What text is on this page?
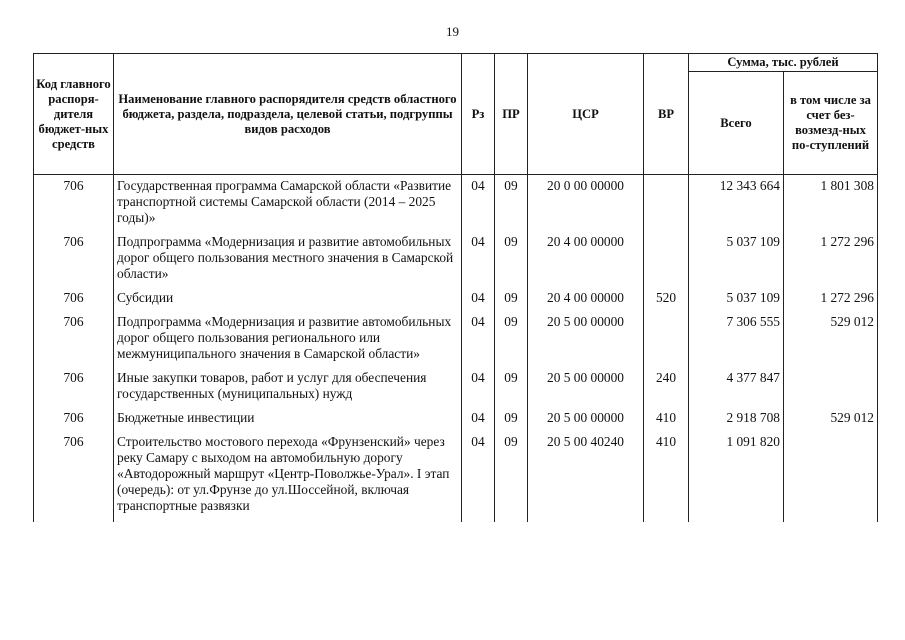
19
Код главного распоря-дителя бюджет-ных средств	Наименование главного распорядителя средств областного бюджета, раздела, подраздела, целевой статьи, подгруппы видов расходов	Рз	ПР	ЦСР	ВР	Сумма, тыс. рублей	
						Всего	в том числе за счет без-возмезд-ных по-ступлений
706	Государственная программа Самарской области «Развитие транспортной системы Самарской области (2014 – 2025 годы)»	04	09	20 0 00 00000		12 343 664	1 801 308
706	Подпрограмма «Модернизация и развитие автомобильных дорог общего пользования местного значения в Самарской области»	04	09	20 4 00 00000		5 037 109	1 272 296
706	Субсидии	04	09	20 4 00 00000	520	5 037 109	1 272 296
706	Подпрограмма «Модернизация и развитие автомобильных дорог общего пользования регионального или межмуниципального значения в Самарской области»	04	09	20 5 00 00000		7 306 555	529 012
706	Иные закупки товаров, работ и услуг для обеспечения государственных (муниципальных) нужд	04	09	20 5 00 00000	240	4 377 847	
706	Бюджетные инвестиции	04	09	20 5 00 00000	410	2 918 708	529 012
706	Строительство мостового перехода «Фрунзенский» через реку Самару с выходом на автомобильную дорогу «Автодорожный маршрут «Центр-Поволжье-Урал». I этап (очередь): от ул.Фрунзе до ул.Шоссейной, включая транспортные развязки	04	09	20 5 00 40240	410	1 091 820	
